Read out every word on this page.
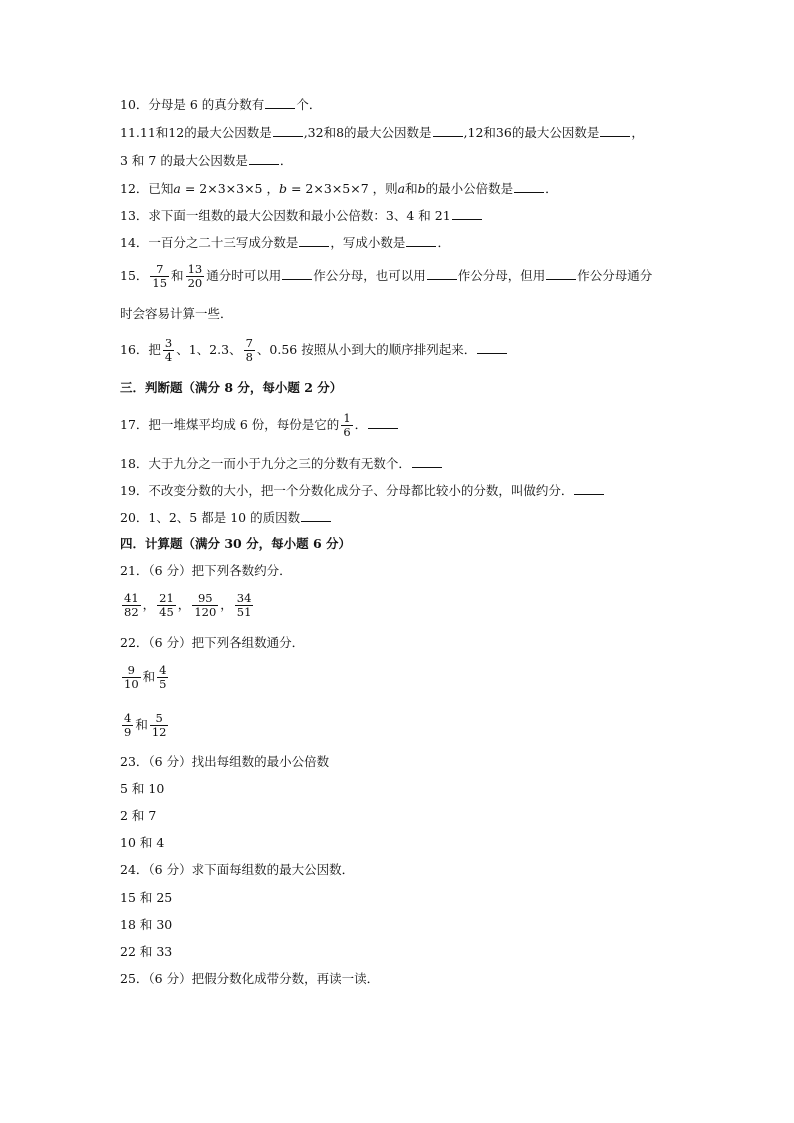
10．分母是 6 的真分数有	个．
11.11和12的最大公因数是	,32和8的最大公因数是	,12和36的最大公因数是	，
3 和 7 的最大公因数是	．
12．已知a = 2×3×3×5 ，b = 2×3×5×7 ，则a和b的最小公倍数是	．
13．求下面一组数的最大公因数和最小公倍数：3、4 和 21
14．一百分之二十三写成分数是	，写成小数是	．
15． $\frac{7}{15}$ 和 $\frac{13}{20}$ 通分时可以用	作公分母，也可以用	作公分母，但用	作公分母通分
时会容易计算一些．
16．把 $\frac{3}{4}$ 、1、2.3、 $\frac{7}{8}$ 、0.56 按照从小到大的顺序排列起来．
三．判断题（满分 8 分，每小题 2 分）
17．把一堆煤平均成 6 份，每份是它的 $\frac{1}{6}$ ．
18．大于九分之一而小于九分之三的分数有无数个．
19．不改变分数的大小，把一个分数化成分子、分母都比较小的分数，叫做约分．
20．1、2、5 都是 10 的质因数
四．计算题（满分 30 分，每小题 6 分）
21．（6 分）把下列各数约分．
$\frac{41}{82}$ ， $\frac{21}{45}$ ， $\frac{95}{120}$ ， $\frac{34}{51}$
22．（6 分）把下列各组数通分．
$\frac{9}{10}$ 和 $\frac{4}{5}$
$\frac{4}{9}$ 和 $\frac{5}{12}$
23．（6 分）找出每组数的最小公倍数
5 和 10
2 和 7
10 和 4
24．（6 分）求下面每组数的最大公因数．
15 和 25
18 和 30
22 和 33
25．（6 分）把假分数化成带分数，再读一读．
